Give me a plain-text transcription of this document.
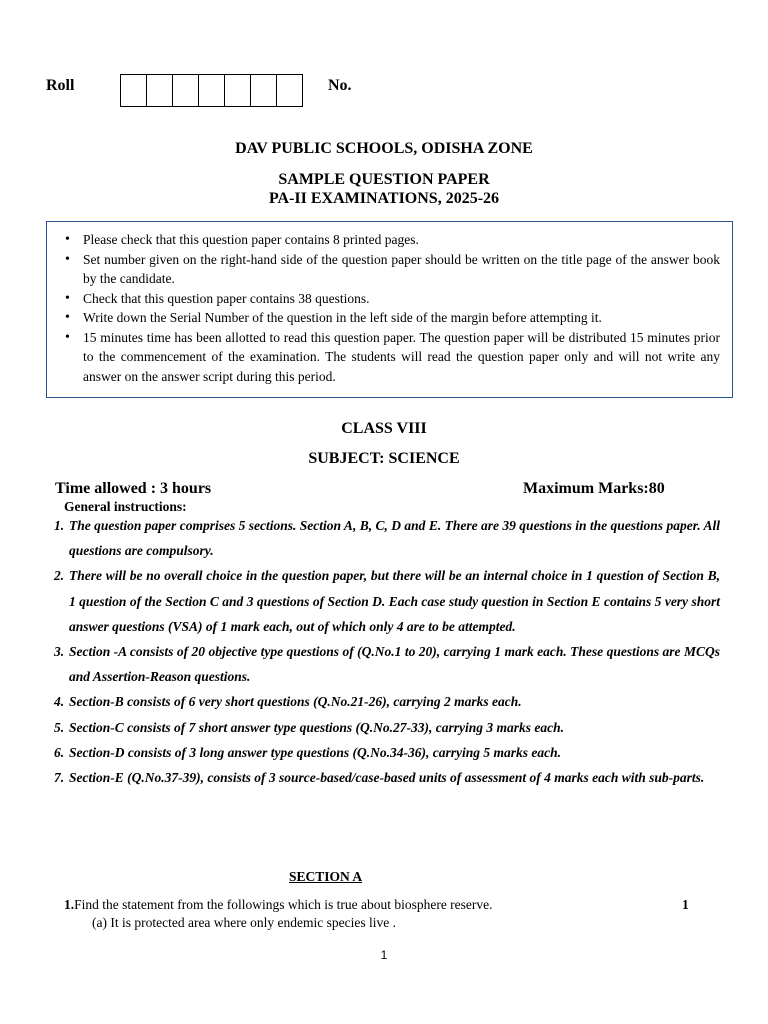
Roll	No.
DAV PUBLIC SCHOOLS, ODISHA ZONE
SAMPLE QUESTION PAPER
PA-II EXAMINATIONS, 2025-26
• Please check that this question paper contains 8 printed pages.
• Set number given on the right-hand side of the question paper should be written on the title page of the answer book by the candidate.
• Check that this question paper contains 38 questions.
• Write down the Serial Number of the question in the left side of the margin before attempting it.
• 15 minutes time has been allotted to read this question paper. The question paper will be distributed 15 minutes prior to the commencement of the examination. The students will read the question paper only and will not write any answer on the answer script during this period.
CLASS VIII
SUBJECT: SCIENCE
Time allowed : 3 hours	Maximum Marks:80
General instructions:
1. The question paper comprises 5 sections. Section A, B, C, D and E. There are 39 questions in the questions paper. All questions are compulsory.
2. There will be no overall choice in the question paper, but there will be an internal choice in 1 question of Section B, 1 question of the Section C and 3 questions of Section D. Each case study question in Section E contains 5 very short answer questions (VSA) of 1 mark each, out of which only 4 are to be attempted.
3. Section -A consists of 20 objective type questions of (Q.No.1 to 20), carrying 1 mark each. These questions are MCQs and Assertion-Reason questions.
4. Section-B consists of 6 very short questions (Q.No.21-26), carrying 2 marks each.
5. Section-C consists of 7 short answer type questions (Q.No.27-33), carrying 3 marks each.
6. Section-D consists of 3 long answer type questions (Q.No.34-36), carrying 5 marks each.
7. Section-E (Q.No.37-39), consists of 3 source-based/case-based units of assessment of 4 marks each with sub-parts.
SECTION A
1.Find the statement from the followings which is true about biosphere reserve.	1
(a) It is protected area where only endemic species live .
1
